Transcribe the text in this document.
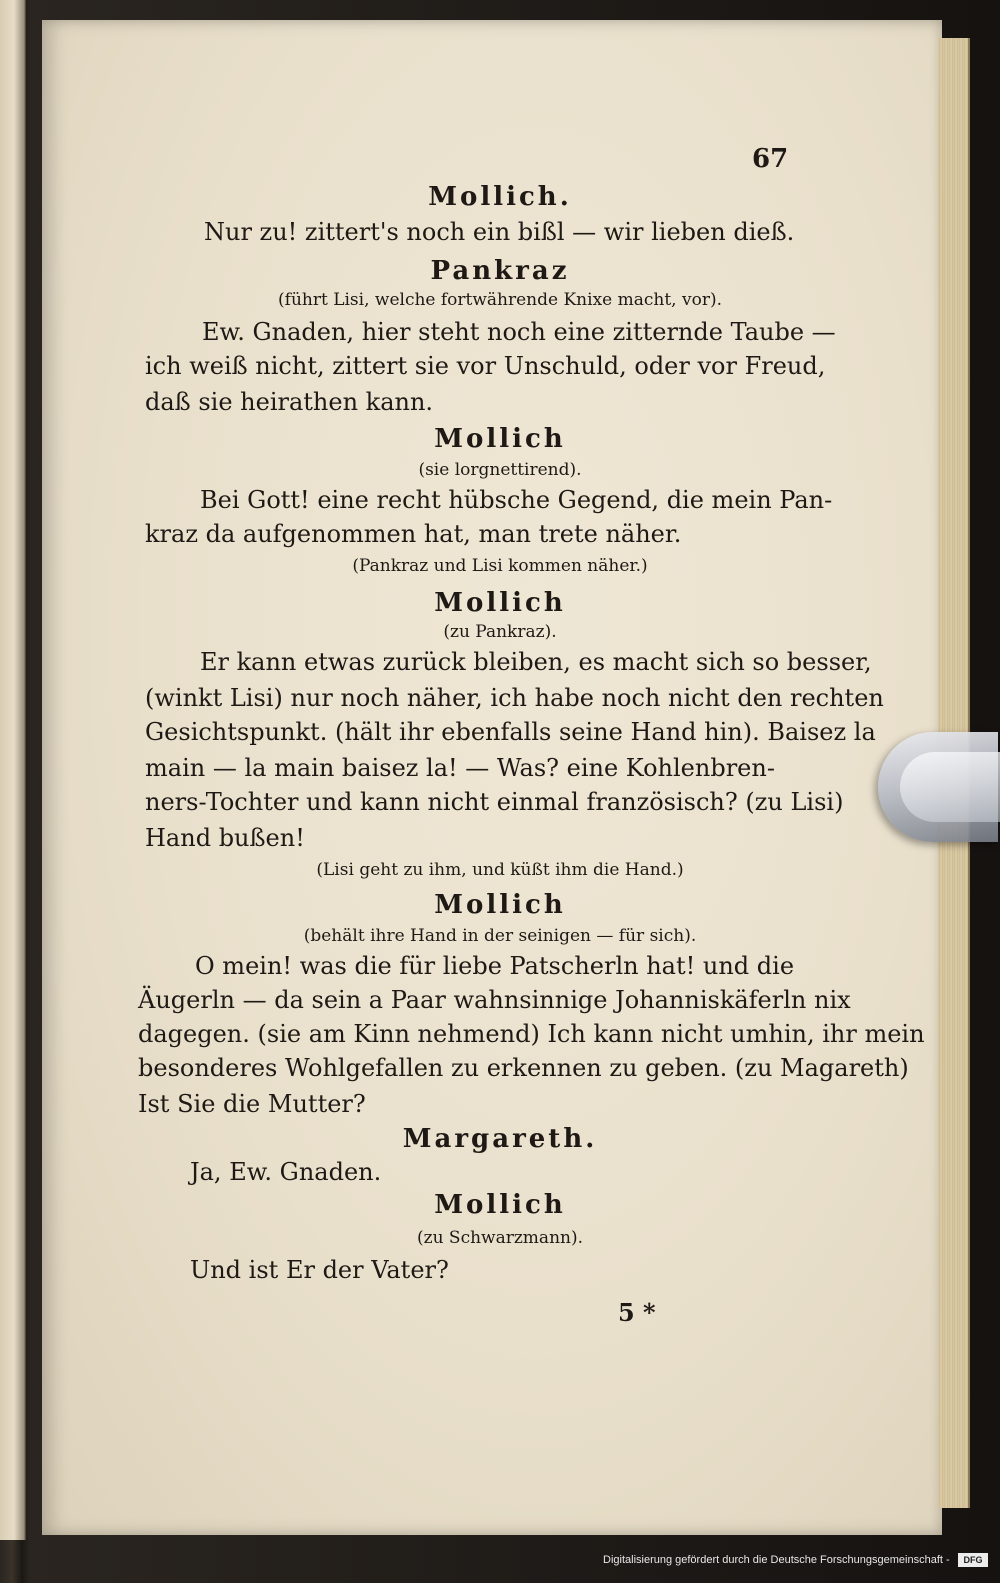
67
Mollich.
Nur zu! zittert's noch ein bißl — wir lieben dieß.
Pankraz
(führt Lisi, welche fortwährende Knixe macht, vor).
Ew. Gnaden, hier steht noch eine zitternde Taube —
ich weiß nicht, zittert sie vor Unschuld, oder vor Freud,
daß sie heirathen kann.
Mollich
(sie lorgnettirend).
Bei Gott! eine recht hübsche Gegend, die mein Pan-
kraz da aufgenommen hat, man trete näher.
(Pankraz und Lisi kommen näher.)
Mollich
(zu Pankraz).
Er kann etwas zurück bleiben, es macht sich so besser,
(winkt Lisi) nur noch näher, ich habe noch nicht den rechten
Gesichtspunkt. (hält ihr ebenfalls seine Hand hin). Baisez la
main — la main baisez la! — Was? eine Kohlenbren-
ners-Tochter und kann nicht einmal französisch? (zu Lisi)
Hand bußen!
(Lisi geht zu ihm, und küßt ihm die Hand.)
Mollich
(behält ihre Hand in der seinigen — für sich).
O mein! was die für liebe Patscherln hat! und die
Äugerln — da sein a Paar wahnsinnige Johanniskäferln nix
dagegen. (sie am Kinn nehmend) Ich kann nicht umhin, ihr mein
besonderes Wohlgefallen zu erkennen zu geben. (zu Magareth)
Ist Sie die Mutter?
Margareth.
Ja, Ew. Gnaden.
Mollich
(zu Schwarzmann).
Und ist Er der Vater?
5 *
Digitalisierung gefördert durch die Deutsche Forschungsgemeinschaft -	DFG
